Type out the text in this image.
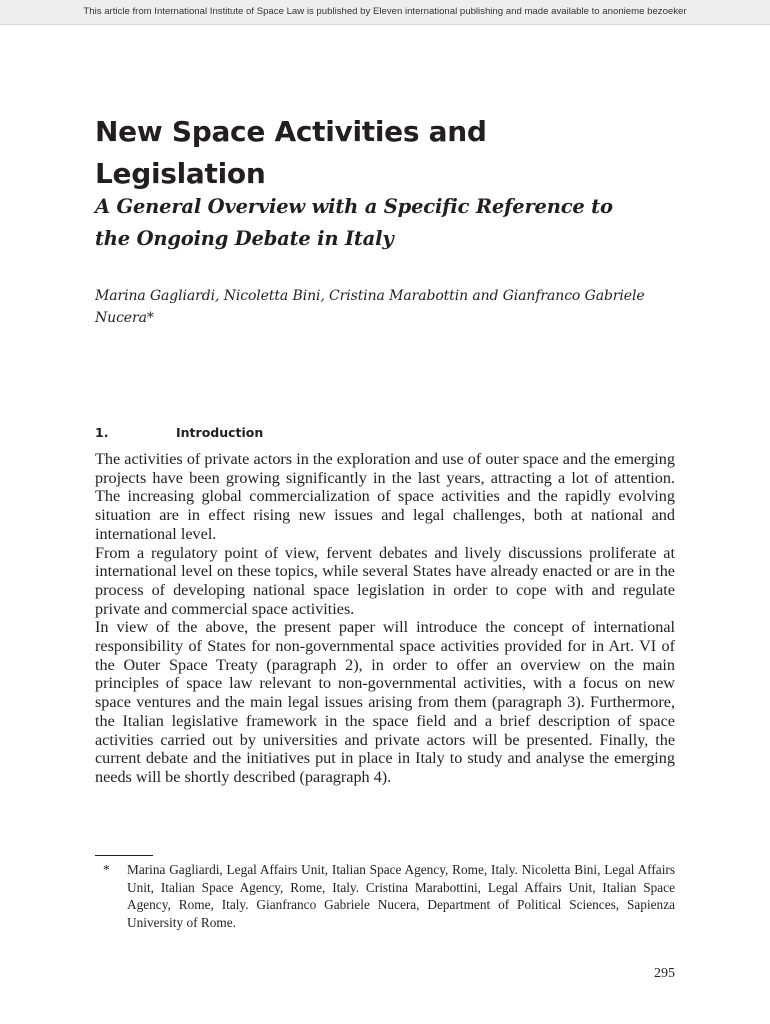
This article from International Institute of Space Law is published by Eleven international publishing and made available to anonieme bezoeker
New Space Activities and
Legislation
A General Overview with a Specific Reference to
the Ongoing Debate in Italy

Marina Gagliardi, Nicoletta Bini, Cristina Marabottin and Gianfranco Gabriele Nucera*

1.	Introduction

The activities of private actors in the exploration and use of outer space and the emerging projects have been growing significantly in the last years, attracting a lot of attention. The increasing global commercialization of space activities and the rapidly evolving situation are in effect rising new issues and legal challenges, both at national and international level.

From a regulatory point of view, fervent debates and lively discussions proliferate at international level on these topics, while several States have already enacted or are in the process of developing national space legislation in order to cope with and regulate private and commercial space activities.

In view of the above, the present paper will introduce the concept of international responsibility of States for non-governmental space activities provided for in Art. VI of the Outer Space Treaty (paragraph 2), in order to offer an overview on the main principles of space law relevant to non-governmental activities, with a focus on new space ventures and the main legal issues arising from them (paragraph 3). Furthermore, the Italian legislative framework in the space field and a brief description of space activities carried out by universities and private actors will be presented. Finally, the current debate and the initiatives put in place in Italy to study and analyse the emerging needs will be shortly described (paragraph 4).

* Marina Gagliardi, Legal Affairs Unit, Italian Space Agency, Rome, Italy. Nicoletta Bini, Legal Affairs Unit, Italian Space Agency, Rome, Italy. Cristina Marabottini, Legal Affairs Unit, Italian Space Agency, Rome, Italy. Gianfranco Gabriele Nucera, Department of Political Sciences, Sapienza University of Rome.
295
